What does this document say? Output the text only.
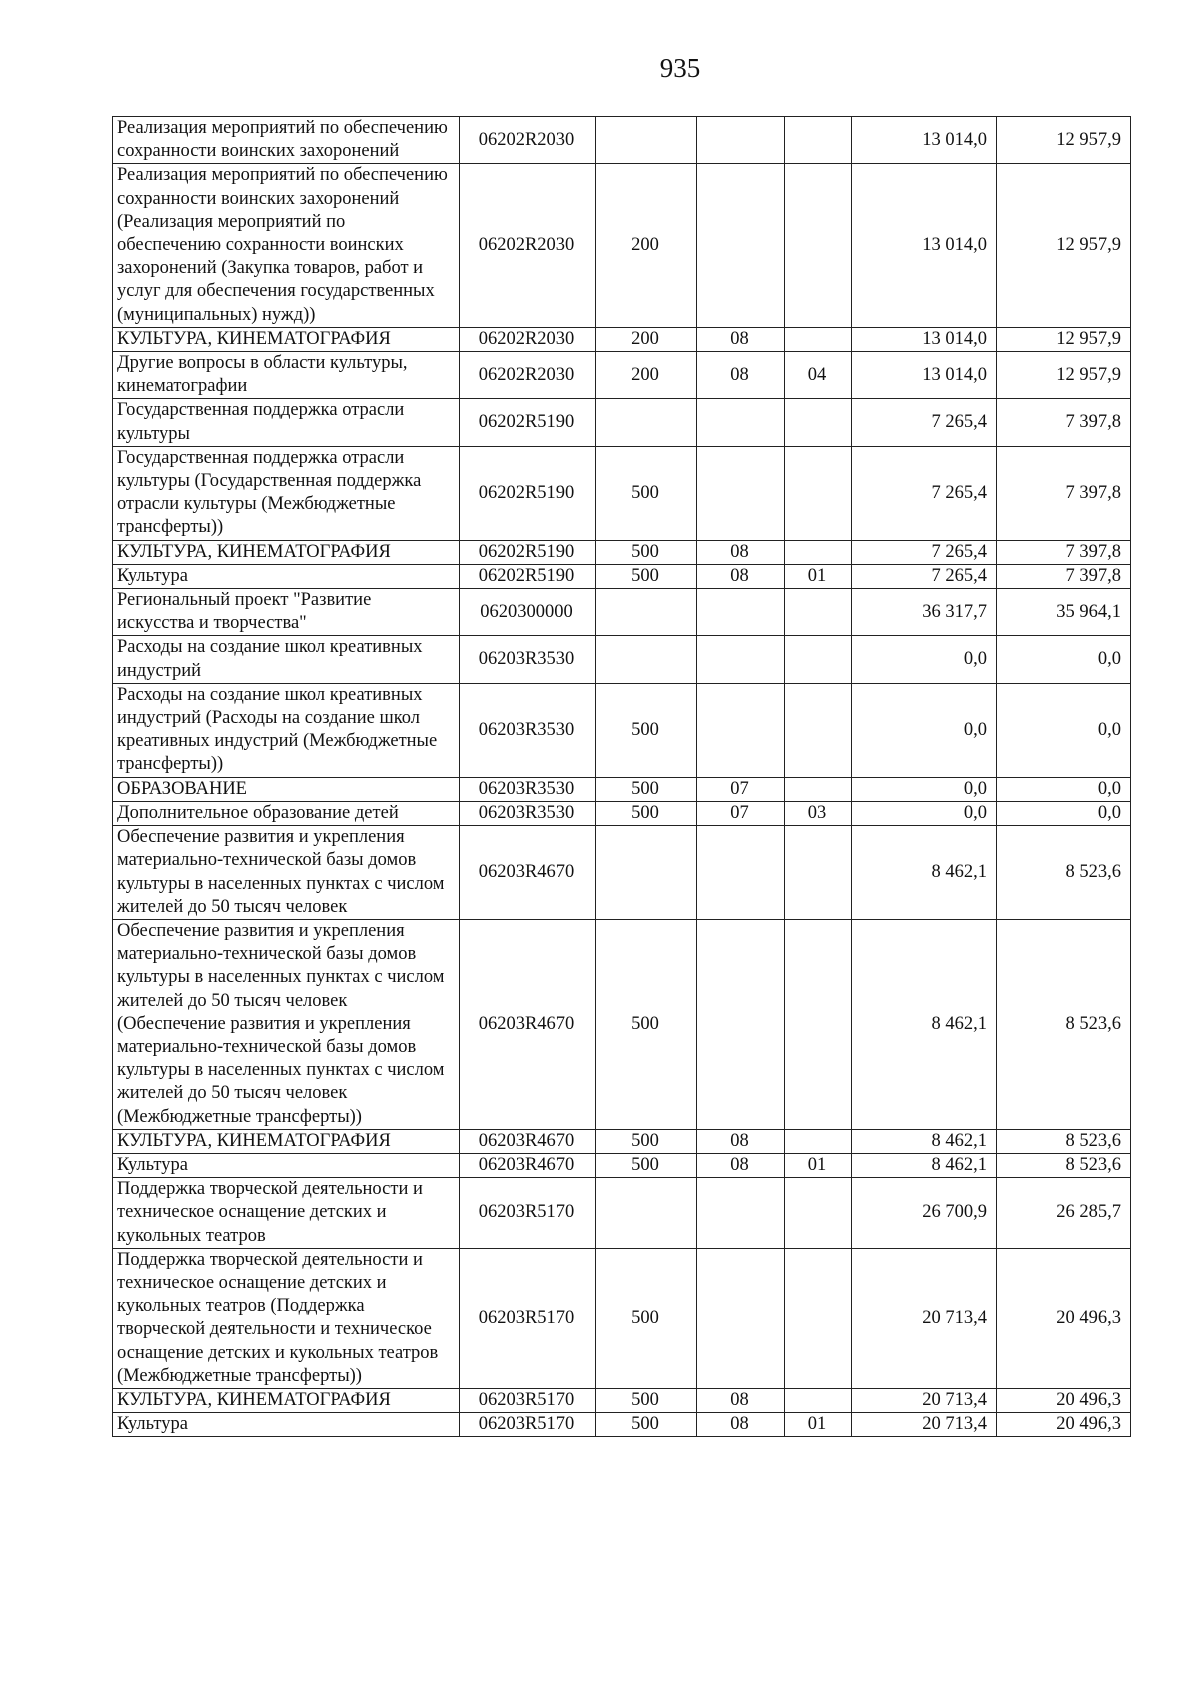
935
Реализация мероприятий по обеспечению сохранности воинских захоронений	06202R2030				13 014,0	12 957,9
Реализация мероприятий по обеспечению сохранности воинских захоронений (Реализация мероприятий по обеспечению сохранности воинских захоронений (Закупка товаров, работ и услуг для обеспечения государственных (муниципальных) нужд))	06202R2030	200			13 014,0	12 957,9
КУЛЬТУРА, КИНЕМАТОГРАФИЯ	06202R2030	200	08		13 014,0	12 957,9
Другие вопросы в области культуры, кинематографии	06202R2030	200	08	04	13 014,0	12 957,9
Государственная поддержка отрасли культуры	06202R5190				7 265,4	7 397,8
Государственная поддержка отрасли культуры (Государственная поддержка отрасли культуры (Межбюджетные трансферты))	06202R5190	500			7 265,4	7 397,8
КУЛЬТУРА, КИНЕМАТОГРАФИЯ	06202R5190	500	08		7 265,4	7 397,8
Культура	06202R5190	500	08	01	7 265,4	7 397,8
Региональный проект "Развитие искусства и творчества"	0620300000				36 317,7	35 964,1
Расходы на создание школ креативных индустрий	06203R3530				0,0	0,0
Расходы на создание школ креативных индустрий (Расходы на создание школ креативных индустрий (Межбюджетные трансферты))	06203R3530	500			0,0	0,0
ОБРАЗОВАНИЕ	06203R3530	500	07		0,0	0,0
Дополнительное образование детей	06203R3530	500	07	03	0,0	0,0
Обеспечение развития и укрепления материально-технической базы домов культуры в населенных пунктах с числом жителей до 50 тысяч человек	06203R4670				8 462,1	8 523,6
Обеспечение развития и укрепления материально-технической базы домов культуры в населенных пунктах с числом жителей до 50 тысяч человек (Обеспечение развития и укрепления материально-технической базы домов культуры в населенных пунктах с числом жителей до 50 тысяч человек (Межбюджетные трансферты))	06203R4670	500			8 462,1	8 523,6
КУЛЬТУРА, КИНЕМАТОГРАФИЯ	06203R4670	500	08		8 462,1	8 523,6
Культура	06203R4670	500	08	01	8 462,1	8 523,6
Поддержка творческой деятельности и техническое оснащение детских и кукольных театров	06203R5170				26 700,9	26 285,7
Поддержка творческой деятельности и техническое оснащение детских и кукольных театров (Поддержка творческой деятельности и техническое оснащение детских и кукольных театров (Межбюджетные трансферты))	06203R5170	500			20 713,4	20 496,3
КУЛЬТУРА, КИНЕМАТОГРАФИЯ	06203R5170	500	08		20 713,4	20 496,3
Культура	06203R5170	500	08	01	20 713,4	20 496,3
